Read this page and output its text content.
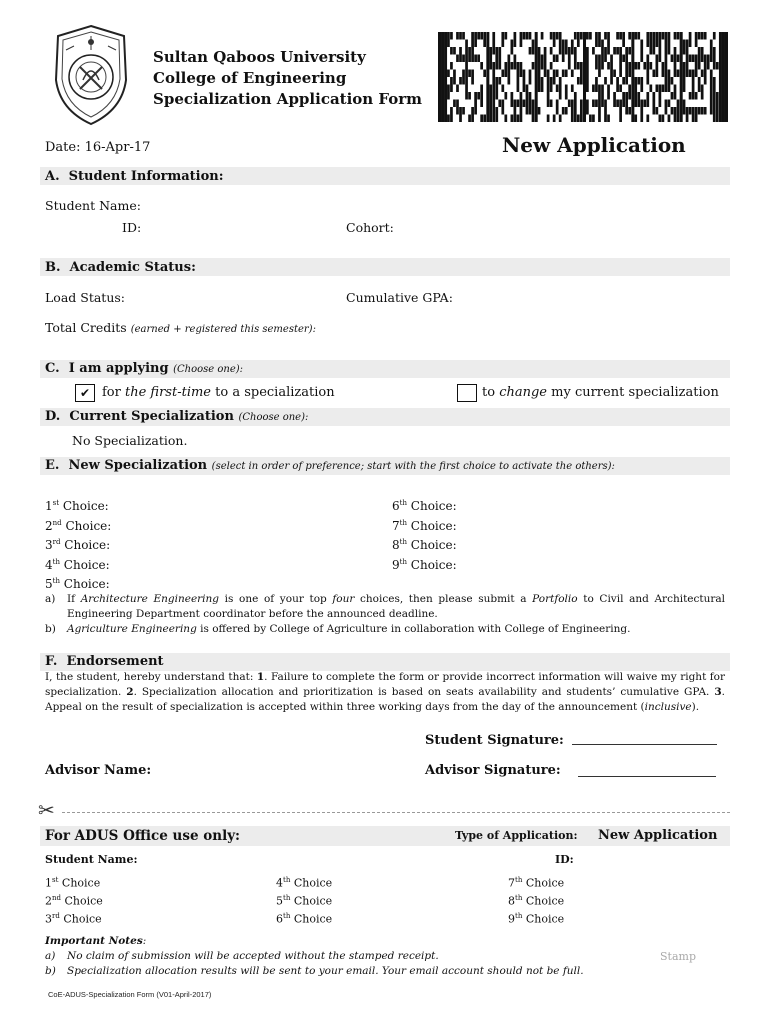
Sultan Qaboos University
College of Engineering
Specialization Application Form
Date: 16-Apr-17	New Application
A.  Student Information:
Student Name:
ID:	Cohort:
B.  Academic Status:
Load Status:	Cumulative GPA:
Total Credits (earned + registered this semester):
C.  I am applying (Choose one):
✔ for the first-time to a specialization	to change my current specialization
D.  Current Specialization (Choose one):
No Specialization.
E.  New Specialization (select in order of preference; start with the first choice to activate the others):
1st Choice:
2nd Choice:
3rd Choice:
4th Choice:
5th Choice:
6th Choice:
7th Choice:
8th Choice:
9th Choice:
a)	If Architecture Engineering is one of your top four choices, then please submit a Portfolio to Civil and Architectural Engineering Department coordinator before the announced deadline.
b)	Agriculture Engineering is offered by College of Agriculture in collaboration with College of Engineering.
F.  Endorsement
I, the student, hereby understand that: 1. Failure to complete the form or provide incorrect information will waive my right for specialization. 2. Specialization allocation and prioritization is based on seats availability and students’ cumulative GPA. 3. Appeal on the result of specialization is accepted within three working days from the day of the announcement (inclusive).
Student Signature:
Advisor Name:	Advisor Signature:
✂
For ADUS Office use only:	Type of Application: New Application
Student Name:	ID:
1st Choice
2nd Choice
3rd Choice
4th Choice
5th Choice
6th Choice
7th Choice
8th Choice
9th Choice
Important Notes:
a)	No claim of submission will be accepted without the stamped receipt.
b)	Specialization allocation results will be sent to your email. Your email account should not be full.
Stamp
CoE-ADUS-Specialization Form (V01-April-2017)
